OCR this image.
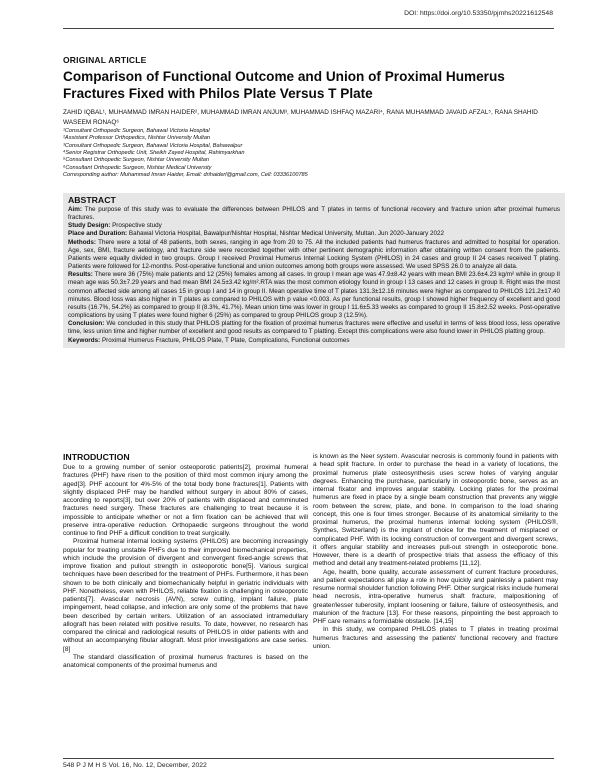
DOI: https://doi.org/10.53350/pjmhs20221612548
ORIGINAL ARTICLE
Comparison of Functional Outcome and Union of Proximal Humerus Fractures Fixed with Philos Plate Versus T Plate
ZAHID IQBAL¹, MUHAMMAD IMRAN HAIDER², MUHAMMAD IMRAN ANJUM³, MUHAMMAD ISHFAQ MAZARI⁴, RANA MUHAMMAD JAVAID AFZAL⁵, RANA SHAHID WASEEM RONAQ⁶
¹Consultant Orthopedic Surgeon, Bahawal Victoria Hospital
²Assistant Professor Orthopedics, Nishtar University Multan
³Consultant Orthopedic Surgeon, Bahawal Victoria Hospital, Bahawalpur
⁴Senior Registrar Orthopedic Unit, Sheikh Zayed Hospital, Rahimyarkhan
⁵Consultant Orthopedic Surgeon, Nishtar University Multan
⁶Consultant Orthopedic Surgeon, Nishtar Medical University
Corresponding author: Muhammad Imran Haider, Email: drihaiderl@gmail.com, Cell: 03336100785
ABSTRACT

Aim: The purpose of this study was to evaluate the differences between PHILOS and T plates in terms of functional recovery and fracture union after proximal humerus fractures.

Study Design: Prospective study

Place and Duration: Bahawal Victoria Hospital, Bawalpur/Nishtar Hospital, Nishtar Medical University, Multan. Jun 2020-January 2022

Methods: There were a total of 48 patients, both sexes, ranging in age from 20 to 75. All the included patients had humerus fractures and admitted to hospital for operation. Age, sex, BMI, fracture aetiology, and fracture side were recorded together with other pertinent demographic information after obtaining written consent from the patients. Patients were equally divided in two groups. Group I received Proximal Humerus Internal Locking System (PHILOS) in 24 cases and group II 24 cases received T plating. Patients were followed for 12-months. Post-operative functional and union outcomes among both groups were assessed. We used SPSS 26.0 to analyze all data.

Results: There were 36 (75%) male patients and 12 (25%) females among all cases. In group I mean age was 47.9±8.42 years with mean BMI 23.6±4.23 kg/m² while in group II mean age was 50.3±7.29 years and had mean BMI 24.5±3.42 kg/m².RTA was the most common etiology found in group I 13 cases and 12 cases in group II. Right was the most common affected side among all cases 15 in group I and 14 in group II. Mean operative time of T plates 131.3±12.16 minutes were higher as compared to PHILOS 121.2±17.40 minutes. Blood loss was also higher in T plates as compared to PHILOS with p value <0.003. As per functional results, group I showed higher frequency of excellent and good results (16.7%, 54.2%) as compared to group II (8.3%, 41.7%). Mean union time was lower in group I 11.6±5.33 weeks as compared to group II 15.8±2.52 weeks. Post-operative complications by using T plates were found higher 6 (25%) as compared to group PHILOS group 3 (12.5%).

Conclusion: We concluded in this study that PHILOS platting for the fixation of proximal humerus fractures were effective and useful in terms of less blood loss, less operative time, less union time and higher number of excellent and good results as compared to T platting. Except this complications were also found lower in PHILOS platting group.

Keywords: Proximal Humerus Fracture, PHILOS Plate, T Plate, Complications, Functional outcomes

INTRODUCTION

Due to a growing number of senior osteoporotic patients[2], proximal humeral fractures (PHF) have risen to the position of third most common injury among the aged[3]. PHF account for 4%-5% of the total body bone fractures[1]. Patients with slightly displaced PHF may be handled without surgery in about 80% of cases, according to reports[3], but over 20% of patients with displaced and comminuted fractures need surgery. These fractures are challenging to treat because it is impossible to anticipate whether or not a firm fixation can be achieved that will preserve intra-operative reduction. Orthopaedic surgeons throughout the world continue to find PHF a difficult condition to treat surgically.

Proximal humeral internal locking systems (PHILOS) are becoming increasingly popular for treating unstable PHFs due to their improved biomechanical properties, which include the provision of divergent and convergent fixed-angle screws that improve fixation and pullout strength in osteoporotic bone[5]. Various surgical techniques have been described for the treatment of PHFs. Furthermore, it has been shown to be both clinically and biomechanically helpful in geriatric individuals with PHF. Nonetheless, even with PHILOS, reliable fixation is challenging in osteoporotic patients[7]. Avascular necrosis (AVN), screw cutting, implant failure, plate impingement, head collapse, and infection are only some of the problems that have been described by certain writers. Utilization of an associated intramedullary allograft has been related with positive results. To date, however, no research has compared the clinical and radiological results of PHILOS in older patients with and without an accompanying fibular allograft. Most prior investigations are case series. [8]

The standard classification of proximal humerus fractures is based on the anatomical components of the proximal humerus and

is known as the Neer system. Avascular necrosis is commonly found in patients with a head split fracture. In order to purchase the head in a variety of locations, the proximal humerus plate osteosynthesis uses screw holes of varying angular degrees. Enhancing the purchase, particularly in osteoporotic bone, serves as an internal fixator and improves angular stability. Locking plates for the proximal humerus are fixed in place by a single beam construction that prevents any wiggle room between the screw, plate, and bone. In comparison to the load sharing concept, this one is four times stronger. Because of its anatomical similarity to the proximal humerus, the proximal humerus internal locking system (PHILOS®, Synthes, Switzerland) is the implant of choice for the treatment of misplaced or complicated PHF. With its locking construction of convergent and divergent screws, it offers angular stability and increases pull-out strength in osteoporotic bone. However, there is a dearth of prospective trials that assess the efficacy of this method and detail any treatment-related problems [11,12].

Age, health, bone quality, accurate assessment of current fracture procedures, and patient expectations all play a role in how quickly and painlessly a patient may resume normal shoulder function following PHF. Other surgical risks include humeral head necrosis, intra-operative humerus shaft fracture, malpositioning of greater/lesser tuberosity, implant loosening or failure, failure of osteosynthesis, and malunion of the fracture [13]. For these reasons, pinpointing the best approach to PHF care remains a formidable obstacle. [14,15]

In this study, we compared PHILOS plates to T plates in treating proximal humerus fractures and assessing the patients' functional recovery and fracture union.

548 P J M H S Vol. 16, No. 12, December, 2022
